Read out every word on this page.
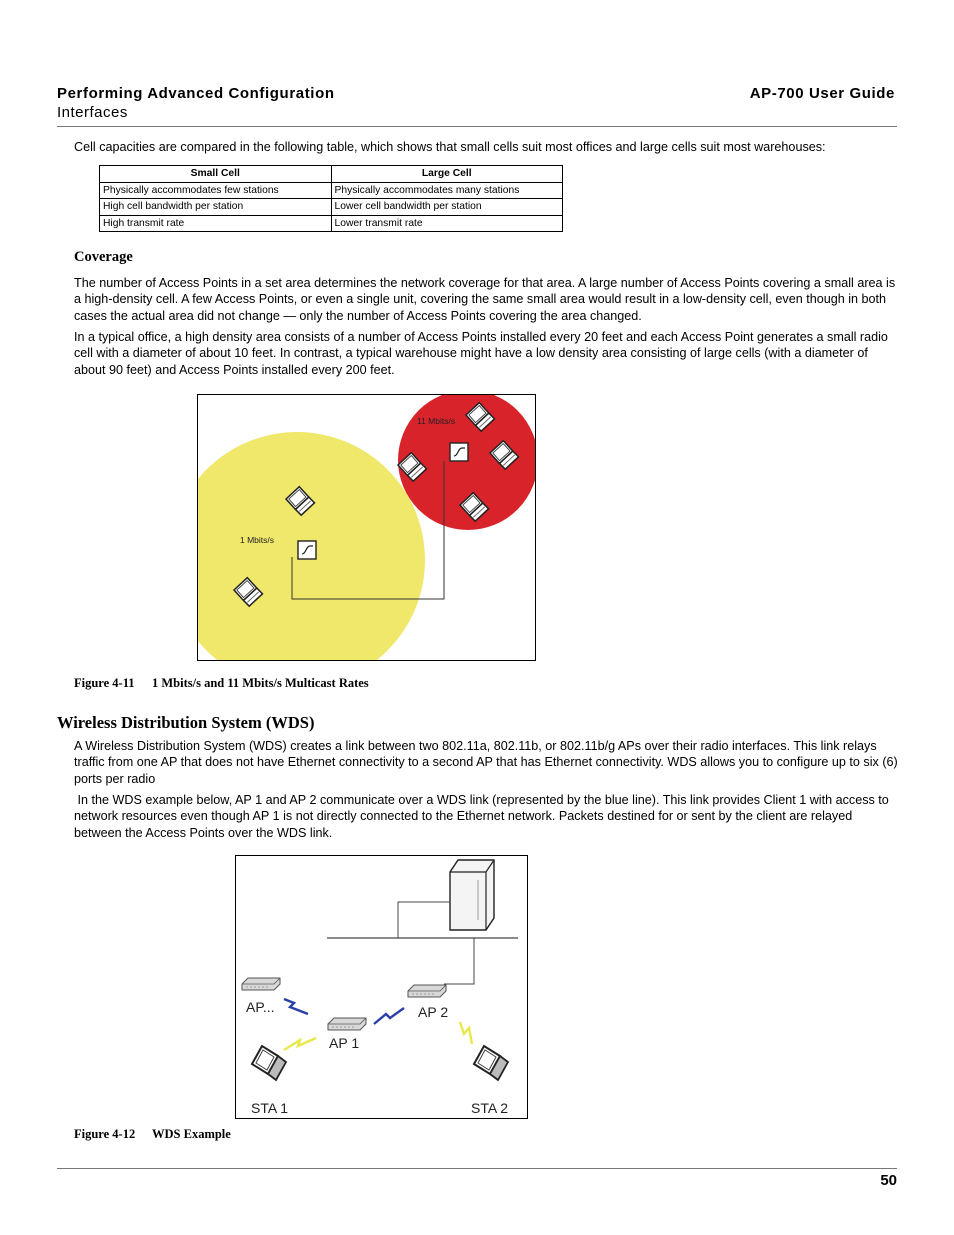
Performing Advanced Configuration
Interfaces
AP-700 User Guide
Cell capacities are compared in the following table, which shows that small cells suit most offices and large cells suit most warehouses:
Small Cell	Large Cell
Physically accommodates few stations	Physically accommodates many stations
High cell bandwidth per station	Lower cell bandwidth per station
High transmit rate	Lower transmit rate
Coverage
The number of Access Points in a set area determines the network coverage for that area. A large number of Access Points covering a small area is a high-density cell. A few Access Points, or even a single unit, covering the same small area would result in a low-density cell, even though in both cases the actual area did not change — only the number of Access Points covering the area changed.
In a typical office, a high density area consists of a number of Access Points installed every 20 feet and each Access Point generates a small radio cell with a diameter of about 10 feet. In contrast, a typical warehouse might have a low density area consisting of large cells (with a diameter of about 90 feet) and Access Points installed every 200 feet.
1 Mbits/s
11 Mbits/s
Figure 4-11 1 Mbits/s and 11 Mbits/s Multicast Rates
Wireless Distribution System (WDS)
A Wireless Distribution System (WDS) creates a link between two 802.11a, 802.11b, or 802.11b/g APs over their radio interfaces. This link relays traffic from one AP that does not have Ethernet connectivity to a second AP that has Ethernet connectivity. WDS allows you to configure up to six (6) ports per radio
In the WDS example below, AP 1 and AP 2 communicate over a WDS link (represented by the blue line). This link provides Client 1 with access to network resources even though AP 1 is not directly connected to the Ethernet network. Packets destined for or sent by the client are relayed between the Access Points over the WDS link.
AP...
AP 1
AP 2
STA 1	STA 2
Figure 4-12 WDS Example
50
